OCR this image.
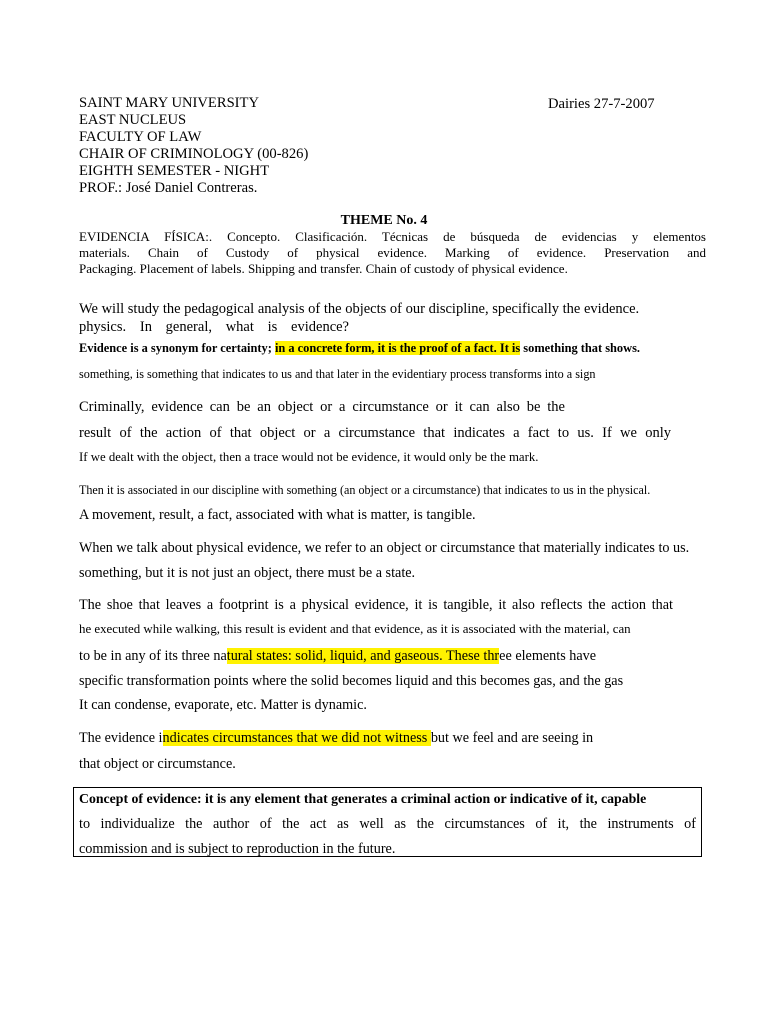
SAINT MARY UNIVERSITY	Dairies 27-7-2007
EAST NUCLEUS
FACULTY OF LAW
CHAIR OF CRIMINOLOGY (00-826)
EIGHTH SEMESTER - NIGHT
PROF.: José Daniel Contreras.
THEME No. 4
EVIDENCIA FÍSICA:. Concepto. Clasificación. Técnicas de búsqueda de evidencias y elementos
materials. Chain of Custody of physical evidence. Marking of evidence. Preservation and
Packaging. Placement of labels. Shipping and transfer. Chain of custody of physical evidence.
We will study the pedagogical analysis of the objects of our discipline, specifically the evidence.
physics. In general, what is evidence?
Evidence is a synonym for certainty; in a concrete form, it is the proof of a fact. It is something that shows.
something, is something that indicates to us and that later in the evidentiary process transforms into a sign
Criminally, evidence can be an object or a circumstance or it can also be the
result of the action of that object or a circumstance that indicates a fact to us. If we only
If we dealt with the object, then a trace would not be evidence, it would only be the mark.
Then it is associated in our discipline with something (an object or a circumstance) that indicates to us in the physical.
A movement, result, a fact, associated with what is matter, is tangible.
When we talk about physical evidence, we refer to an object or circumstance that materially indicates to us.
something, but it is not just an object, there must be a state.
The shoe that leaves a footprint is a physical evidence, it is tangible, it also reflects the action that
he executed while walking, this result is evident and that evidence, as it is associated with the material, can
to be in any of its three natural states: solid, liquid, and gaseous. These three elements have
specific transformation points where the solid becomes liquid and this becomes gas, and the gas
It can condense, evaporate, etc. Matter is dynamic.
The evidence indicates circumstances that we did not witness but we feel and are seeing in
that object or circumstance.
Concept of evidence: it is any element that generates a criminal action or indicative of it, capable
to individualize the author of the act as well as the circumstances of it, the instruments of
commission and is subject to reproduction in the future.
